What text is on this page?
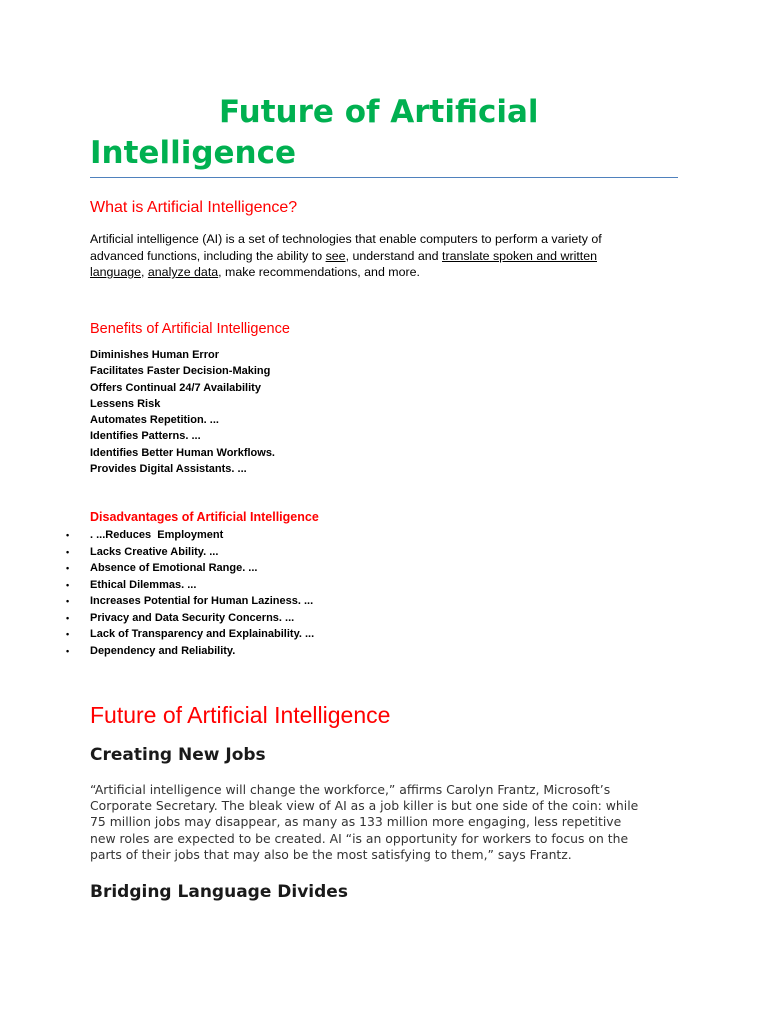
Future of Artificial
Intelligence
What is Artificial Intelligence?

Artificial intelligence (AI) is a set of technologies that enable computers to perform a variety of advanced functions, including the ability to see, understand and translate spoken and written language, analyze data, make recommendations, and more.

Benefits of Artificial Intelligence
Diminishes Human Error
Facilitates Faster Decision-Making
Offers Continual 24/7 Availability
Lessens Risk
Automates Repetition. ...
Identifies Patterns. ...
Identifies Better Human Workflows.
Provides Digital Assistants. ...
Disadvantages of Artificial Intelligence
• . ...Reduces  Employment
• Lacks Creative Ability. ...
• Absence of Emotional Range. ...
• Ethical Dilemmas. ...
• Increases Potential for Human Laziness. ...
• Privacy and Data Security Concerns. ...
• Lack of Transparency and Explainability. ...
• Dependency and Reliability.
Future of Artificial Intelligence
Creating New Jobs

“Artificial intelligence will change the workforce,” affirms Carolyn Frantz, Microsoft’s
Corporate Secretary. The bleak view of AI as a job killer is but one side of the coin: while
75 million jobs may disappear, as many as 133 million more engaging, less repetitive
new roles are expected to be created. AI “is an opportunity for workers to focus on the
parts of their jobs that may also be the most satisfying to them,” says Frantz.

Bridging Language Divides
